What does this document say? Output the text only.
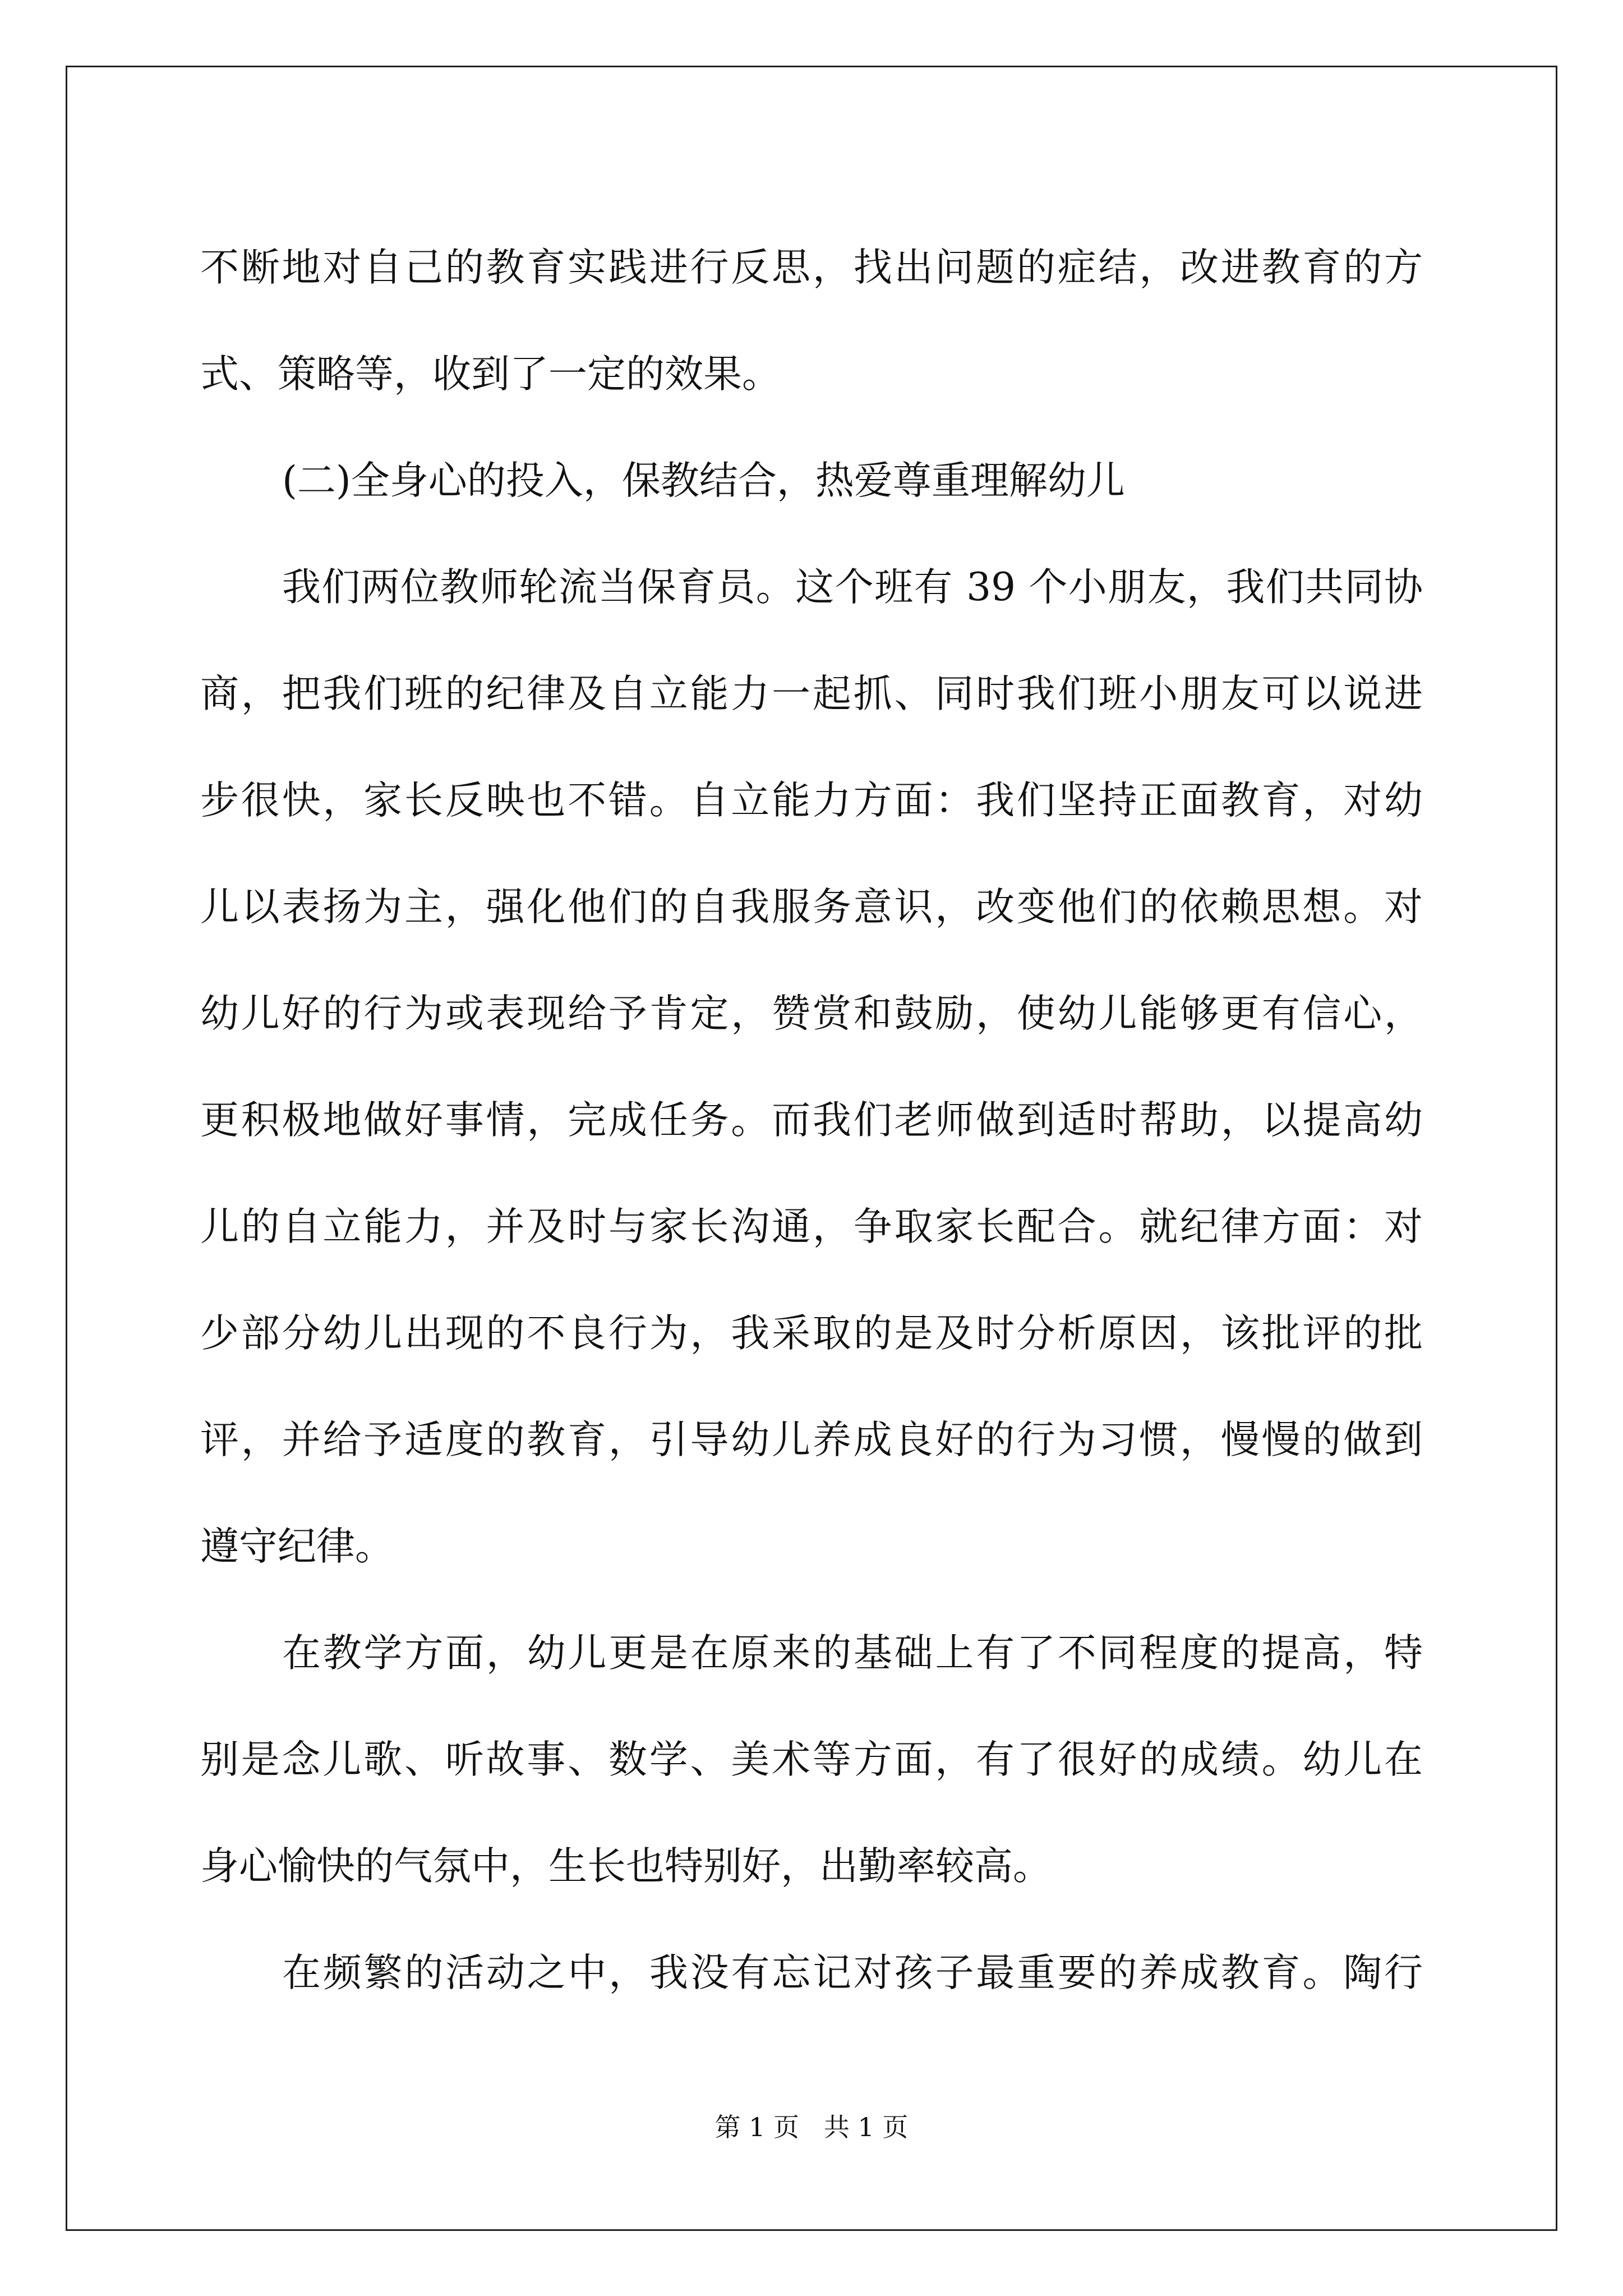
不断地对自己的教育实践进行反思，找出问题的症结，改进教育的方
式、策略等，收到了一定的效果。
(二)全身心的投入，保教结合，热爱尊重理解幼儿
我们两位教师轮流当保育员。这个班有 39 个小朋友，我们共同协
商，把我们班的纪律及自立能力一起抓、同时我们班小朋友可以说进
步很快，家长反映也不错。自立能力方面：我们坚持正面教育，对幼
儿以表扬为主，强化他们的自我服务意识，改变他们的依赖思想。对
幼儿好的行为或表现给予肯定，赞赏和鼓励，使幼儿能够更有信心，
更积极地做好事情，完成任务。而我们老师做到适时帮助，以提高幼
儿的自立能力，并及时与家长沟通，争取家长配合。就纪律方面：对
少部分幼儿出现的不良行为，我采取的是及时分析原因，该批评的批
评，并给予适度的教育，引导幼儿养成良好的行为习惯，慢慢的做到
遵守纪律。
在教学方面，幼儿更是在原来的基础上有了不同程度的提高，特
别是念儿歌、听故事、数学、美术等方面，有了很好的成绩。幼儿在
身心愉快的气氛中，生长也特别好，出勤率较高。
在频繁的活动之中，我没有忘记对孩子最重要的养成教育。陶行
第 1 页   共 1 页
